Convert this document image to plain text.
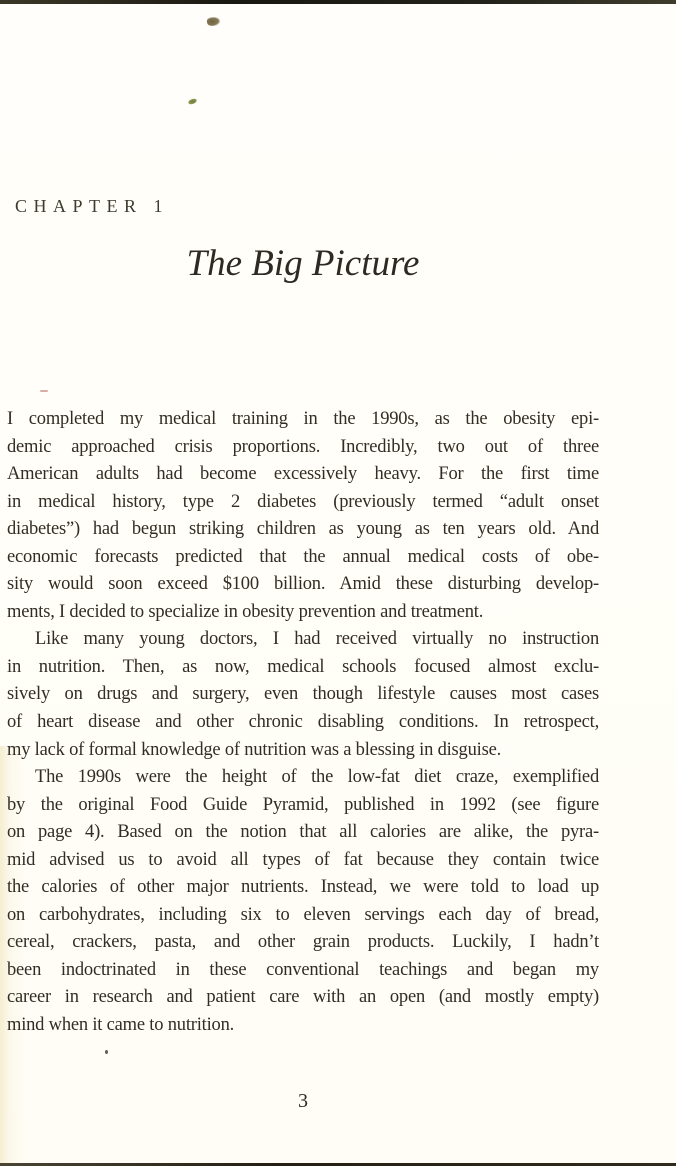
CHAPTER 1
The Big Picture
I completed my medical training in the 1990s, as the obesity epi-
demic approached crisis proportions. Incredibly, two out of three
American adults had become excessively heavy. For the first time
in medical history, type 2 diabetes (previously termed “adult onset
diabetes”) had begun striking children as young as ten years old. And
economic forecasts predicted that the annual medical costs of obe-
sity would soon exceed $100 billion. Amid these disturbing develop-
ments, I decided to specialize in obesity prevention and treatment.
Like many young doctors, I had received virtually no instruction
in nutrition. Then, as now, medical schools focused almost exclu-
sively on drugs and surgery, even though lifestyle causes most cases
of heart disease and other chronic disabling conditions. In retrospect,
my lack of formal knowledge of nutrition was a blessing in disguise.
The 1990s were the height of the low-fat diet craze, exemplified
by the original Food Guide Pyramid, published in 1992 (see figure
on page 4). Based on the notion that all calories are alike, the pyra-
mid advised us to avoid all types of fat because they contain twice
the calories of other major nutrients. Instead, we were told to load up
on carbohydrates, including six to eleven servings each day of bread,
cereal, crackers, pasta, and other grain products. Luckily, I hadn’t
been indoctrinated in these conventional teachings and began my
career in research and patient care with an open (and mostly empty)
mind when it came to nutrition.
3
